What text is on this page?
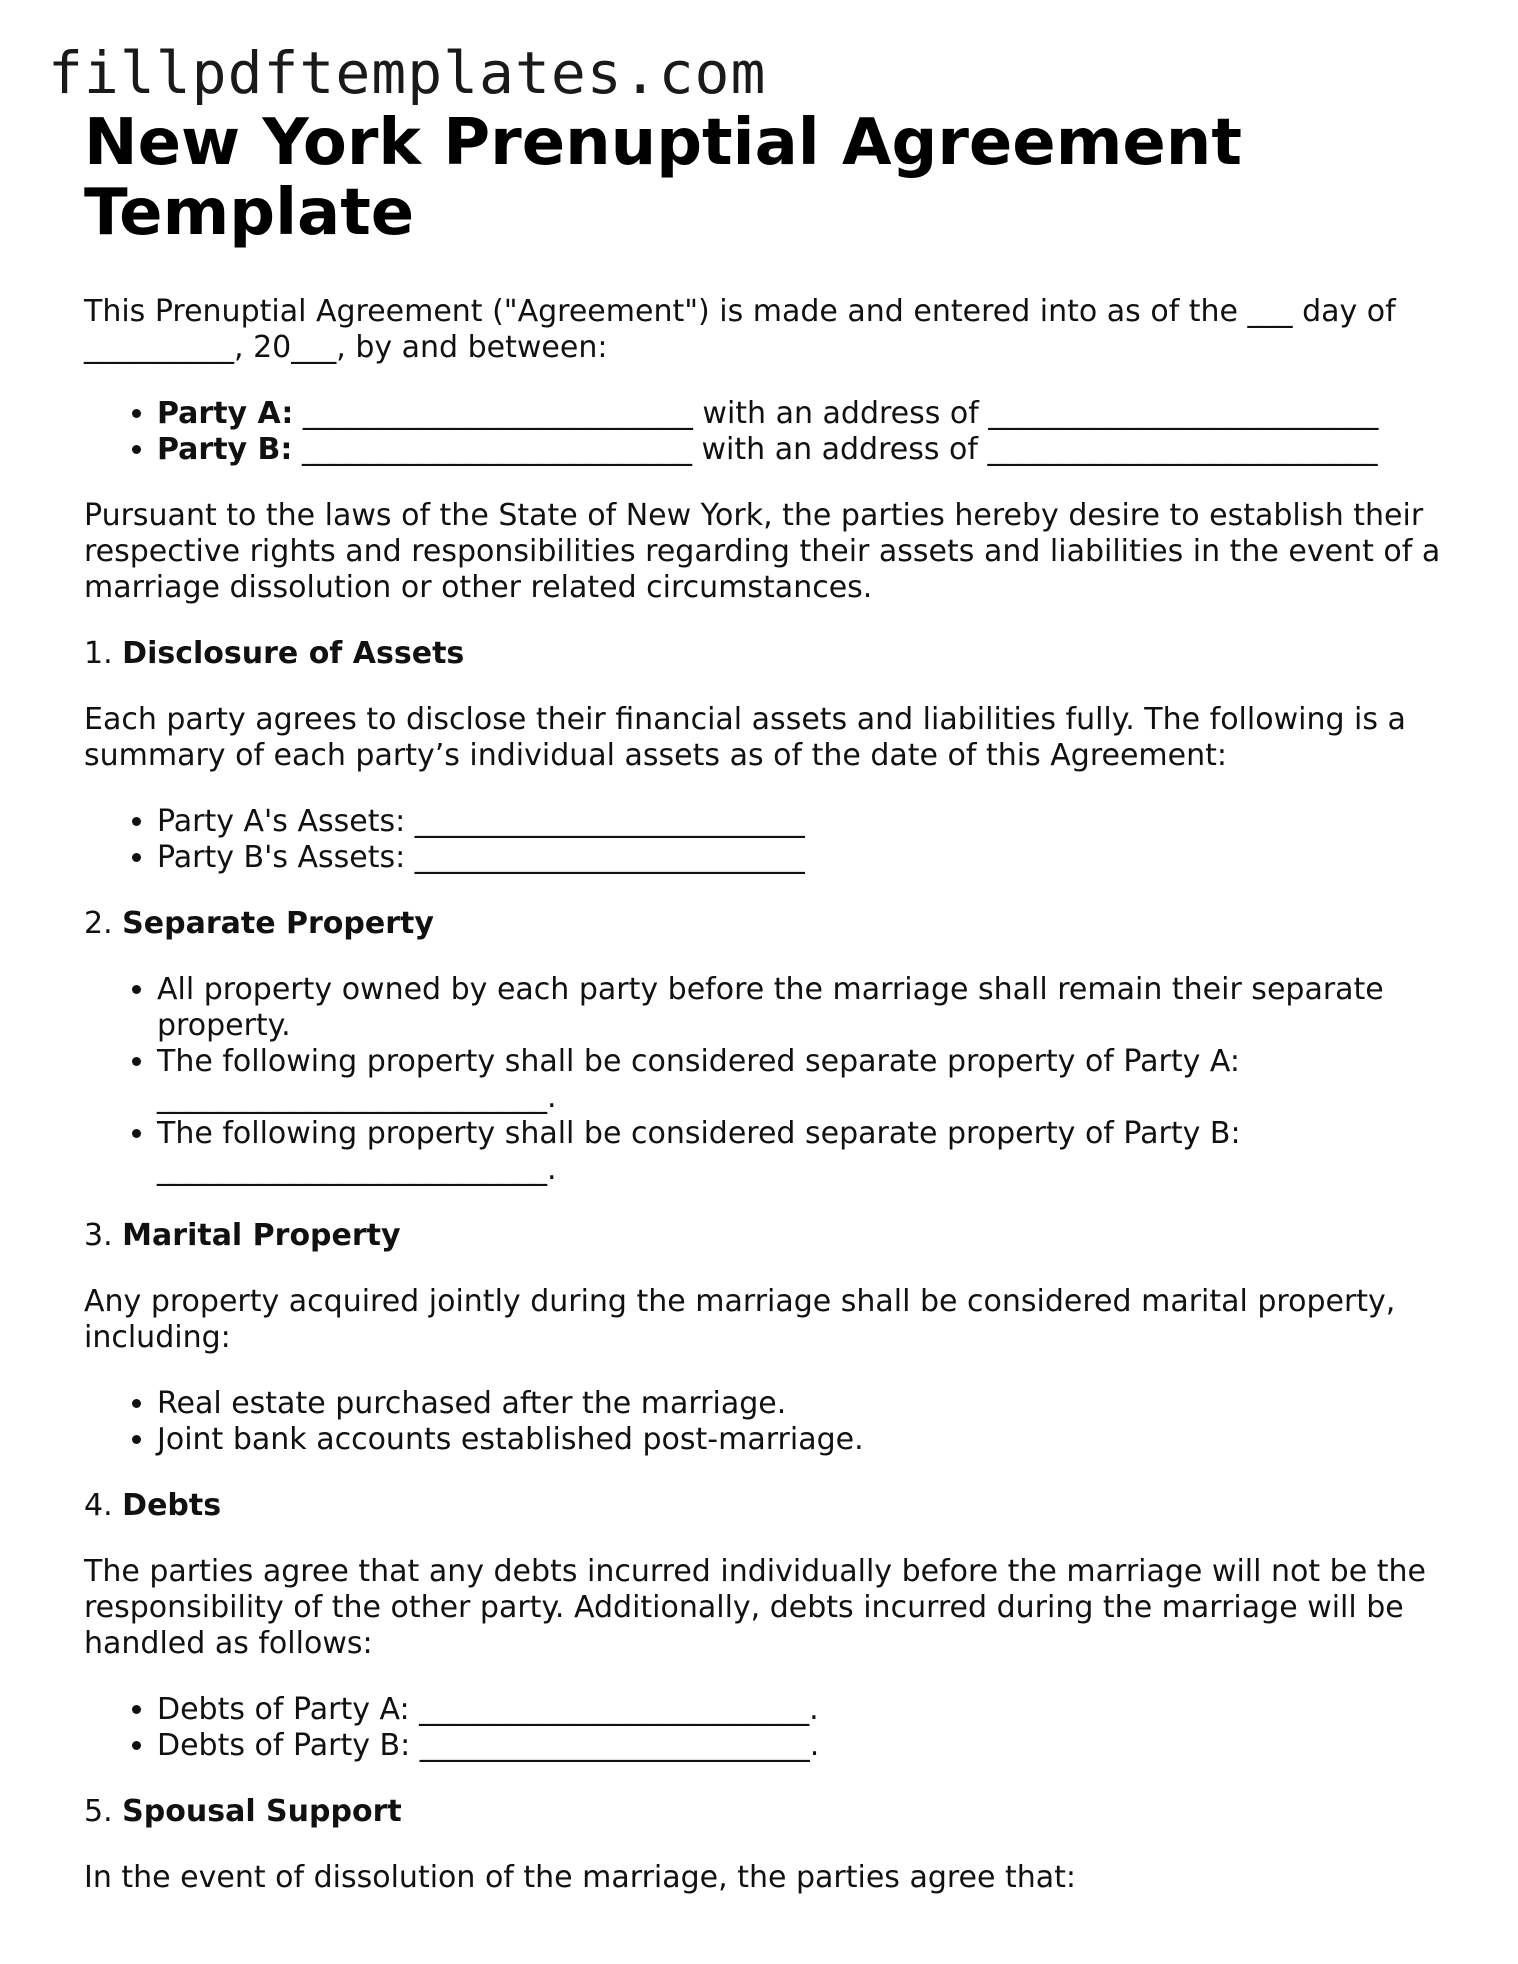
fillpdftemplates.com
New York Prenuptial Agreement Template

This Prenuptial Agreement ("Agreement") is made and entered into as of the ___ day of __________, 20___, by and between:

• Party A: __________________________ with an address of __________________________
• Party B: __________________________ with an address of __________________________

Pursuant to the laws of the State of New York, the parties hereby desire to establish their respective rights and responsibilities regarding their assets and liabilities in the event of a marriage dissolution or other related circumstances.

1. Disclosure of Assets

Each party agrees to disclose their financial assets and liabilities fully. The following is a summary of each party’s individual assets as of the date of this Agreement:

• Party A's Assets: __________________________
• Party B's Assets: __________________________
2. Separate Property
• All property owned by each party before the marriage shall remain their separate property.
• The following property shall be considered separate property of Party A: __________________________.
• The following property shall be considered separate property of Party B: __________________________.
3. Marital Property

Any property acquired jointly during the marriage shall be considered marital property, including:

• Real estate purchased after the marriage.
• Joint bank accounts established post-marriage.
4. Debts

The parties agree that any debts incurred individually before the marriage will not be the responsibility of the other party. Additionally, debts incurred during the marriage will be handled as follows:

• Debts of Party A: __________________________.
• Debts of Party B: __________________________.
5. Spousal Support

In the event of dissolution of the marriage, the parties agree that:
